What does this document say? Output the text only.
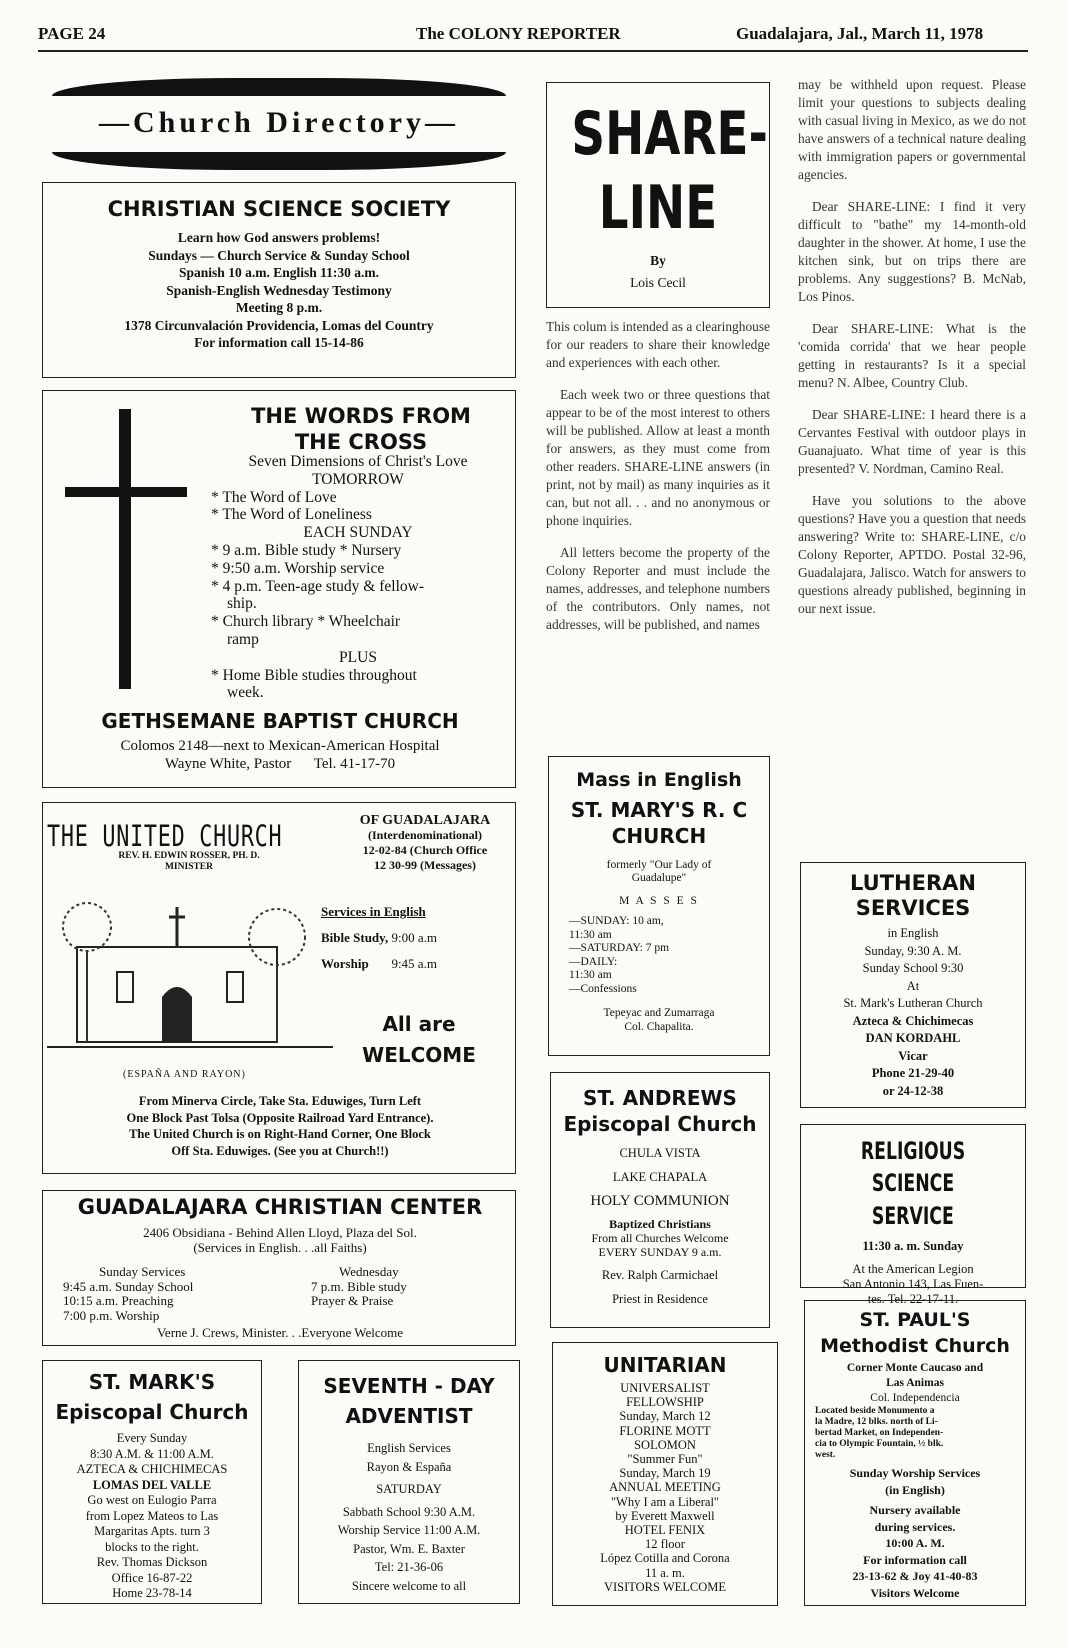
PAGE 24	The COLONY REPORTER	Guadalajara, Jal., March 11, 1978
—Church Directory—
CHRISTIAN SCIENCE SOCIETY
Learn how God answers problems!
Sundays — Church Service & Sunday School
Spanish 10 a.m. English 11:30 a.m.
Spanish-English Wednesday Testimony
Meeting 8 p.m.
1378 Circunvalación Providencia, Lomas del Country
For information call 15-14-86
THE WORDS FROM
THE CROSS
Seven Dimensions of Christ's Love
TOMORROW
* The Word of Love
* The Word of Loneliness
EACH SUNDAY
* 9 a.m. Bible study * Nursery
* 9:50 a.m. Worship service
* 4 p.m. Teen-age study & fellow-
ship.
* Church library * Wheelchair
ramp
PLUS
* Home Bible studies throughout
week.
GETHSEMANE BAPTIST CHURCH
Colomos 2148—next to Mexican-American Hospital
Wayne White, Pastor Tel. 41-17-70
THE UNITED CHURCH	OF GUADALAJARA
(Interdenominational)
12-02-84 (Church Office
12 30-99 (Messages)
REV. H. EDWIN ROSSER, PH. D.
MINISTER
Services in English
Bible Study, 9:00 a.m
Worship 9:45 a.m
All are
WELCOME
(ESPAÑA AND RAYON)
From Minerva Circle, Take Sta. Eduwiges, Turn Left
One Block Past Tolsa (Opposite Railroad Yard Entrance).
The United Church is on Right-Hand Corner, One Block
Off Sta. Eduwiges. (See you at Church!!)
GUADALAJARA CHRISTIAN CENTER
2406 Obsidiana - Behind Allen Lloyd, Plaza del Sol.
(Services in English. . .all Faiths)
Sunday Services
9:45 a.m. Sunday School
10:15 a.m. Preaching
7:00 p.m. Worship
Wednesday
7 p.m. Bible study
Prayer & Praise
Verne J. Crews, Minister. . .Everyone Welcome
ST. MARK'S
Episcopal Church
Every Sunday
8:30 A.M. & 11:00 A.M.
AZTECA & CHICHIMECAS
LOMAS DEL VALLE
Go west on Eulogio Parra
from Lopez Mateos to Las
Margaritas Apts. turn 3
blocks to the right.
Rev. Thomas Dickson
Office 16-87-22
Home 23-78-14
SEVENTH - DAY
ADVENTIST
English Services
Rayon & España
SATURDAY
Sabbath School 9:30 A.M.
Worship Service 11:00 A.M.
Pastor, Wm. E. Baxter
Tel: 21-36-06
Sincere welcome to all
SHARE-
LINE
By
Lois Cecil

This colum is intended as a clearinghouse for our readers to share their knowledge and experiences with each other.

Each week two or three questions that appear to be of the most interest to others will be published. Allow at least a month for answers, as they must come from other readers. SHARE-LINE answers (in print, not by mail) as many inquiries as it can, but not all. . . and no anonymous or phone inquiries.

All letters become the property of the Colony Reporter and must include the names, addresses, and telephone numbers of the contributors. Only names, not addresses, will be published, and names

may be withheld upon request. Please limit your questions to subjects dealing with casual living in Mexico, as we do not have answers of a technical nature dealing with immigration papers or governmental agencies.

Dear SHARE-LINE: I find it very difficult to "bathe" my 14-month-old daughter in the shower. At home, I use the kitchen sink, but on trips there are problems. Any suggestions? B. McNab, Los Pinos.

Dear SHARE-LINE: What is the 'comida corrida' that we hear people getting in restaurants? Is it a special menu? N. Albee, Country Club.

Dear SHARE-LINE: I heard there is a Cervantes Festival with outdoor plays in Guanajuato. What time of year is this presented? V. Nordman, Camino Real.

Have you solutions to the above questions? Have you a question that needs answering? Write to: SHARE-LINE, c/o Colony Reporter, APTDO. Postal 32-96, Guadalajara, Jalisco. Watch for answers to questions already published, beginning in our next issue.

Mass in English
ST. MARY'S R. C
CHURCH
formerly "Our Lady of
Guadalupe"
M A S S E S
—SUNDAY: 10 am,
11:30 am
—SATURDAY: 7 pm
—DAILY:
11:30 am
—Confessions
Tepeyac and Zumarraga
Col. Chapalita.
ST. ANDREWS
Episcopal Church
CHULA VISTA
LAKE CHAPALA
HOLY COMMUNION
Baptized Christians
From all Churches Welcome
EVERY SUNDAY 9 a.m.
Rev. Ralph Carmichael
Priest in Residence
UNITARIAN
UNIVERSALIST
FELLOWSHIP
Sunday, March 12
FLORINE MOTT
SOLOMON
"Summer Fun"
Sunday, March 19
ANNUAL MEETING
"Why I am a Liberal"
by Everett Maxwell
HOTEL FENIX
12 floor
López Cotilla and Corona
11 a. m.
VISITORS WELCOME
LUTHERAN
SERVICES
in English
Sunday, 9:30 A. M.
Sunday School 9:30
At
St. Mark's Lutheran Church
Azteca & Chichimecas
DAN KORDAHL
Vicar
Phone 21-29-40
or 24-12-38
RELIGIOUS SCIENCE
SERVICE
11:30 a. m. Sunday
At the American Legion
San Antonio 143, Las Fuen-
tes. Tel. 22-17-11.
ST. PAUL'S
Methodist Church
Corner Monte Caucaso and
Las Animas
Col. Independencia
Located beside Monumento a
la Madre, 12 blks. north of Li-
bertad Market, on Independen-
cia to Olympic Fountain, ½ blk.
west.
Sunday Worship Services
(in English)
Nursery available
during services.
10:00 A. M.
For information call
23-13-62 & Joy 41-40-83
Visitors Welcome
